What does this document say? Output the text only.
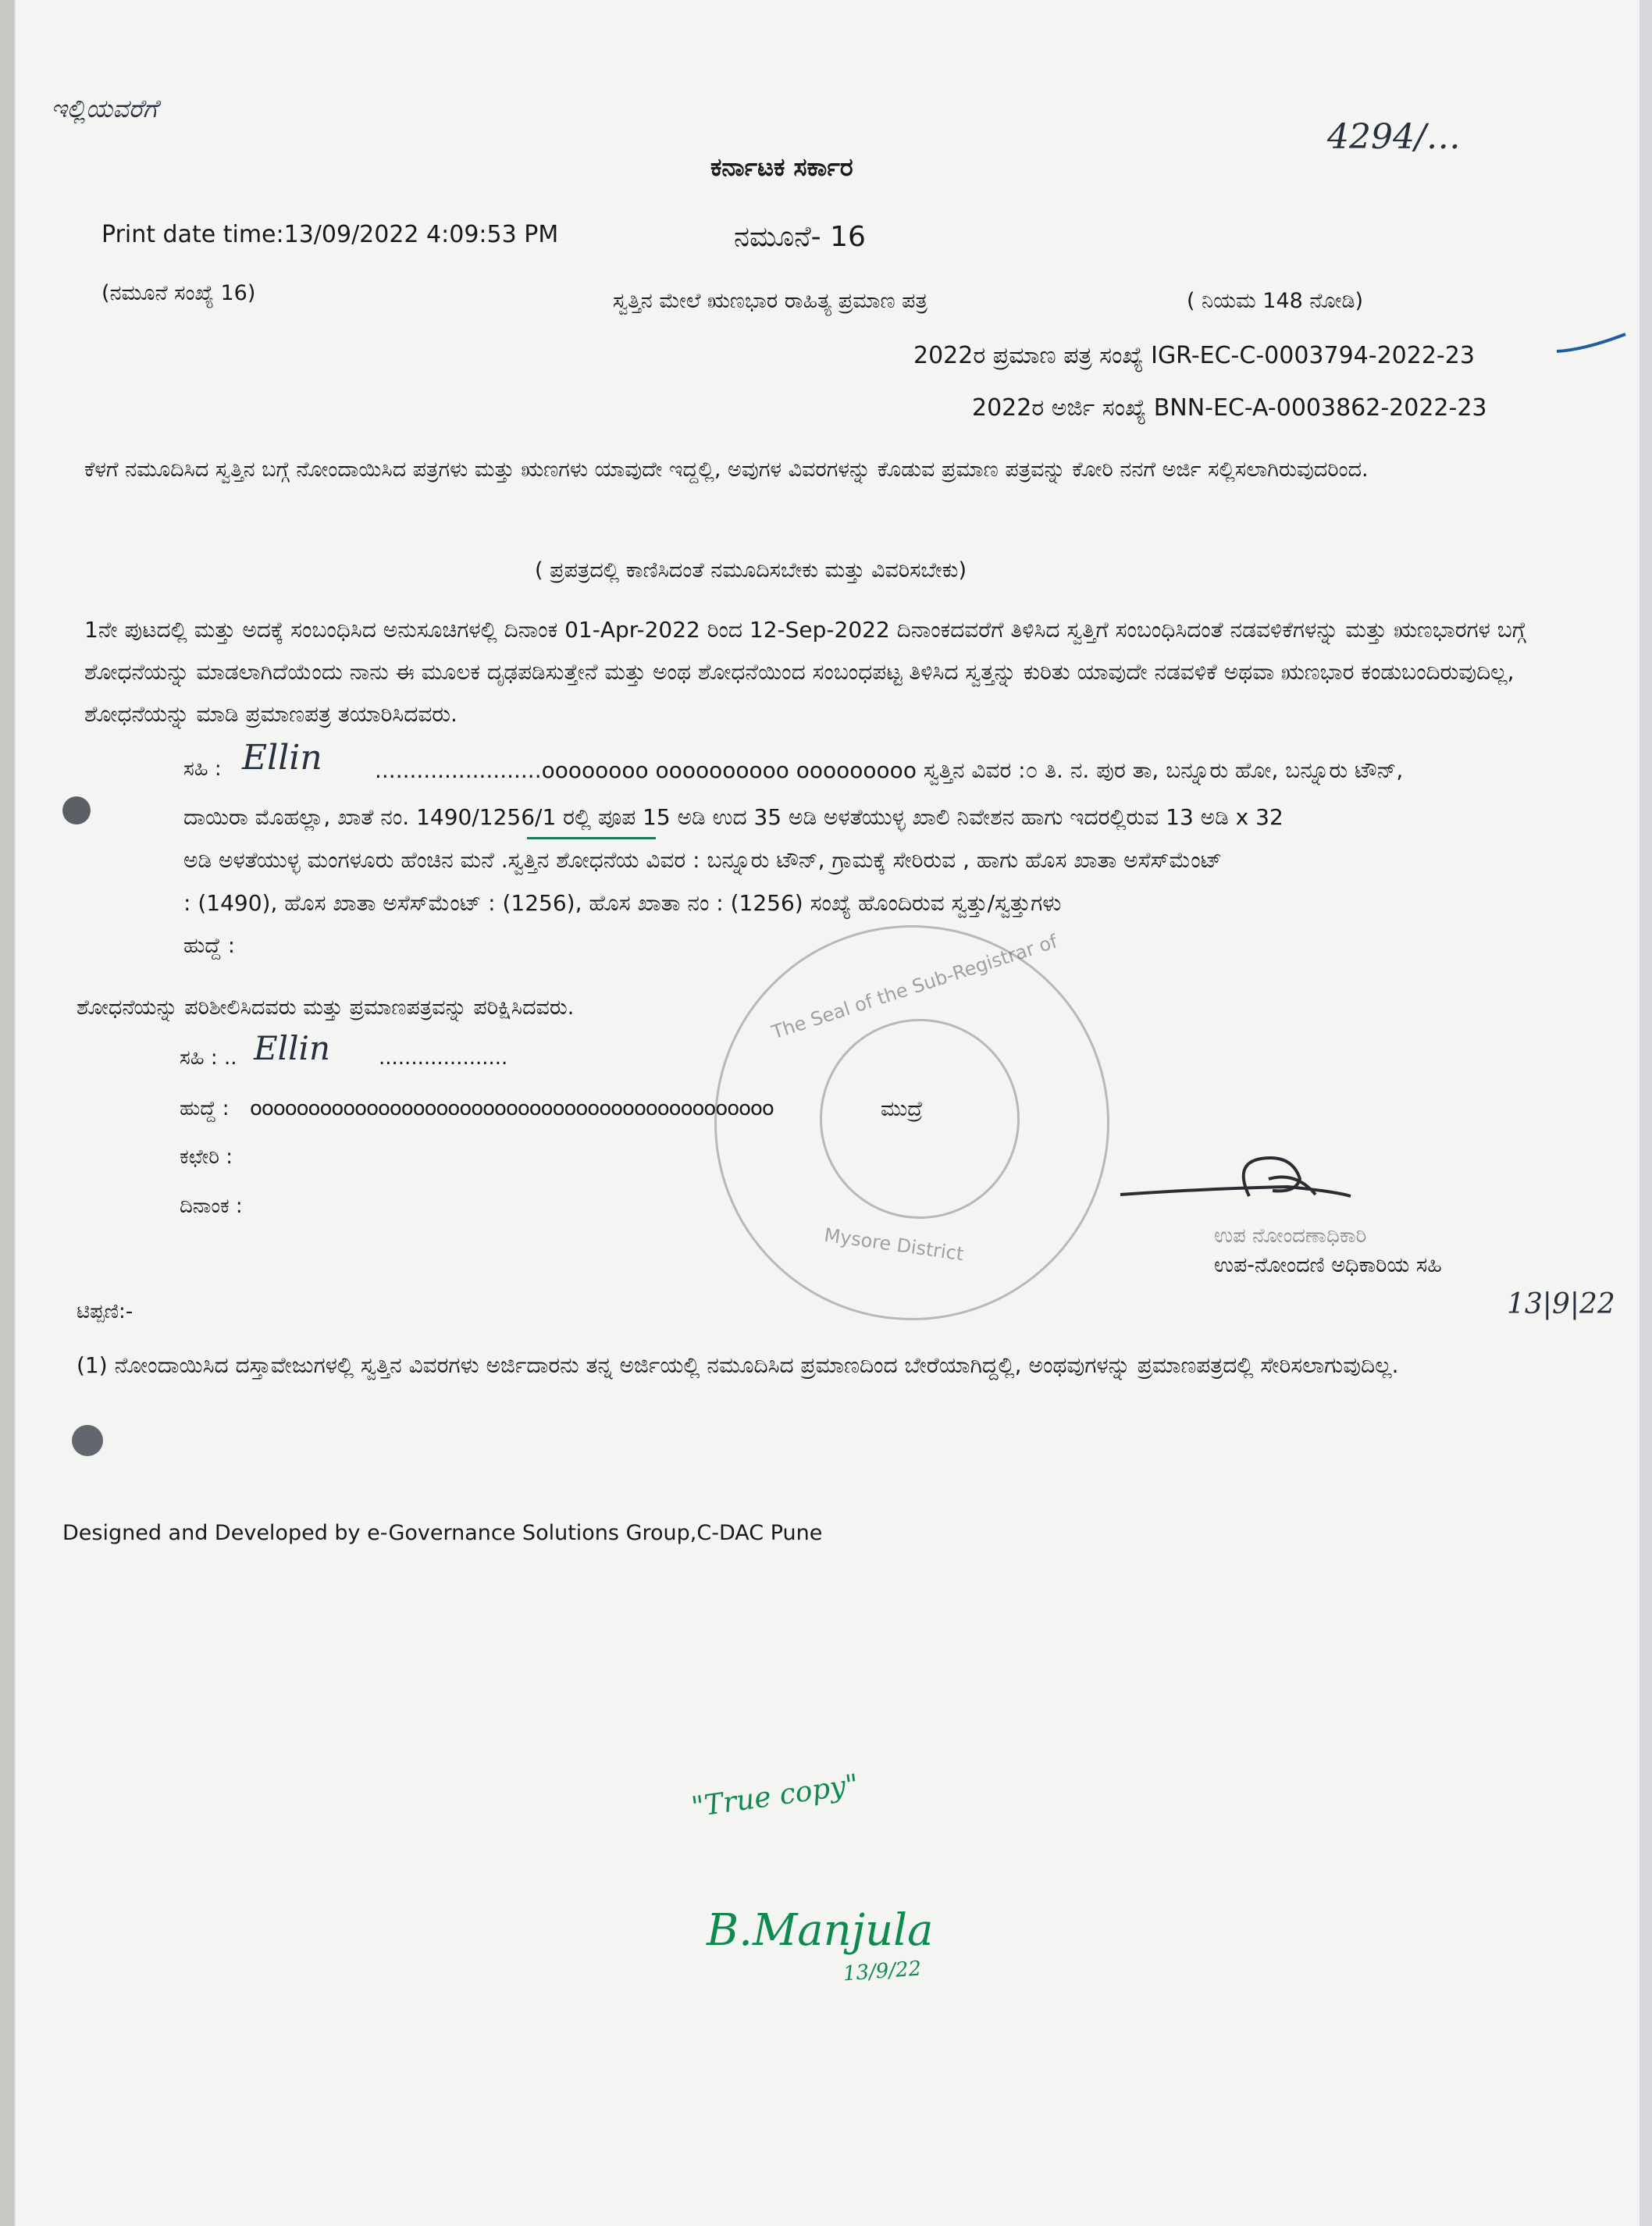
ಇಲ್ಲಿಯವರೆಗೆ
ಕರ್ನಾಟಕ ಸರ್ಕಾರ
4294/…
Print date time:13/09/2022 4:09:53 PM	ನಮೂನೆ- 16
(ನಮೂನೆ ಸಂಖ್ಯೆ 16)	ಸ್ವತ್ತಿನ ಮೇಲೆ ಋಣಭಾರ ರಾಹಿತ್ಯ ಪ್ರಮಾಣ ಪತ್ರ	( ನಿಯಮ 148 ನೋಡಿ)
2022ರ ಪ್ರಮಾಣ ಪತ್ರ ಸಂಖ್ಯೆ IGR-EC-C-0003794-2022-23
2022ರ ಅರ್ಜಿ ಸಂಖ್ಯೆ BNN-EC-A-0003862-2022-23
ಕೆಳಗೆ ನಮೂದಿಸಿದ ಸ್ವತ್ತಿನ ಬಗ್ಗೆ ನೋಂದಾಯಿಸಿದ ಪತ್ರಗಳು ಮತ್ತು ಋಣಗಳು ಯಾವುದೇ ಇದ್ದಲ್ಲಿ, ಅವುಗಳ ವಿವರಗಳನ್ನು ಕೊಡುವ ಪ್ರಮಾಣ ಪತ್ರವನ್ನು ಕೋರಿ ನನಗೆ ಅರ್ಜಿ ಸಲ್ಲಿಸಲಾಗಿರುವುದರಿಂದ.
( ಪ್ರಪತ್ರದಲ್ಲಿ ಕಾಣಿಸಿದಂತೆ ನಮೂದಿಸಬೇಕು ಮತ್ತು ವಿವರಿಸಬೇಕು)
1ನೇ ಪುಟದಲ್ಲಿ ಮತ್ತು ಅದಕ್ಕೆ ಸಂಬಂಧಿಸಿದ ಅನುಸೂಚಿಗಳಲ್ಲಿ ದಿನಾಂಕ 01-Apr-2022 ರಿಂದ 12-Sep-2022 ದಿನಾಂಕದವರೆಗೆ ತಿಳಿಸಿದ ಸ್ವತ್ತಿಗೆ ಸಂಬಂಧಿಸಿದಂತೆ ನಡವಳಿಕೆಗಳನ್ನು ಮತ್ತು ಋಣಭಾರಗಳ ಬಗ್ಗೆ ಶೋಧನೆಯನ್ನು ಮಾಡಲಾಗಿದೆಯೆಂದು ನಾನು ಈ ಮೂಲಕ ದೃಢಪಡಿಸುತ್ತೇನೆ ಮತ್ತು ಅಂಥ ಶೋಧನೆಯಿಂದ ಸಂಬಂಧಪಟ್ಟ ತಿಳಿಸಿದ ಸ್ವತ್ತನ್ನು ಕುರಿತು ಯಾವುದೇ ನಡವಳಿಕೆ ಅಥವಾ ಋಣಭಾರ ಕಂಡುಬಂದಿರುವುದಿಲ್ಲ, ಶೋಧನೆಯನ್ನು ಮಾಡಿ ಪ್ರಮಾಣಪತ್ರ ತಯಾರಿಸಿದವರು.
ಸಹಿ : Ellin ........................oooooooo oooooooooo ooooooooo ಸ್ವತ್ತಿನ ವಿವರ :೦ ತಿ. ನ. ಪುರ ತಾ, ಬನ್ನೂರು ಹೋ, ಬನ್ನೂರು ಟೌನ್,
ದಾಯಿರಾ ಮೊಹಲ್ಲಾ, ಖಾತೆ ನಂ. 1490/1256/1 ರಲ್ಲಿ ಪೂಪ 15 ಅಡಿ ಉದ 35 ಅಡಿ ಅಳತೆಯುಳ್ಳ ಖಾಲಿ ನಿವೇಶನ ಹಾಗು ಇದರಲ್ಲಿರುವ 13 ಅಡಿ x 32
ಅಡಿ ಅಳತೆಯುಳ್ಳ ಮಂಗಳೂರು ಹೆಂಚಿನ ಮನೆ .ಸ್ವತ್ತಿನ ಶೋಧನೆಯ ವಿವರ : ಬನ್ನೂರು ಟೌನ್, ಗ್ರಾಮಕ್ಕೆ ಸೇರಿರುವ , ಹಾಗು ಹೊಸ ಖಾತಾ ಅಸೆಸ್‌ಮೆಂಟ್
: (1490), ಹೊಸ ಖಾತಾ ಅಸೆಸ್‌ಮೆಂಟ್ : (1256), ಹೊಸ ಖಾತಾ ನಂ : (1256) ಸಂಖ್ಯೆ ಹೊಂದಿರುವ ಸ್ವತ್ತು/ಸ್ವತ್ತುಗಳು
ಹುದ್ದೆ :
ಶೋಧನೆಯನ್ನು ಪರಿಶೀಲಿಸಿದವರು ಮತ್ತು ಪ್ರಮಾಣಪತ್ರವನ್ನು ಪರಿಕ್ಷಿಸಿದವರು.
ಸಹಿ : .. Ellin ....................
ಹುದ್ದೆ : ooooooooooooooooooooooooooooooooooooooooooooo	ಮುದ್ರೆ
ಕಛೇರಿ :
ದಿನಾಂಕ :
The Seal of the Sub-Registrar of
Mysore District	ಉಪ ನೋಂದಣಾಧಿಕಾರಿ
ಉಪ-ನೋಂದಣಿ ಅಧಿಕಾರಿಯ ಸಹಿ
13|9|22
ಟಿಪ್ಪಣಿ:-
(1) ನೋಂದಾಯಿಸಿದ ದಸ್ತಾವೇಜುಗಳಲ್ಲಿ ಸ್ವತ್ತಿನ ವಿವರಗಳು ಅರ್ಜಿದಾರನು ತನ್ನ ಅರ್ಜಿಯಲ್ಲಿ ನಮೂದಿಸಿದ ಪ್ರಮಾಣದಿಂದ ಬೇರೆಯಾಗಿದ್ದಲ್ಲಿ, ಅಂಥವುಗಳನ್ನು ಪ್ರಮಾಣಪತ್ರದಲ್ಲಿ ಸೇರಿಸಲಾಗುವುದಿಲ್ಲ.
Designed and Developed by e-Governance Solutions Group,C-DAC Pune
"True copy"
B.Manjula
13/9/22
